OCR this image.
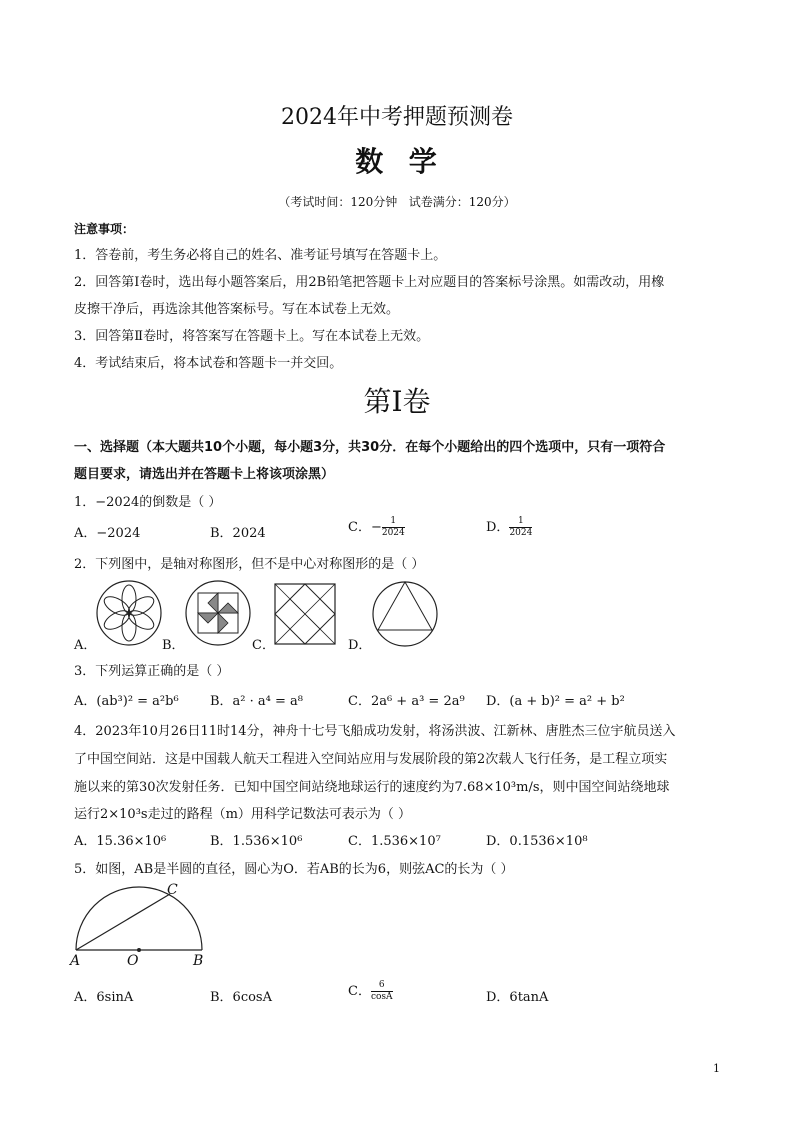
2024年中考押题预测卷
数  学
（考试时间：120分钟   试卷满分：120分）
注意事项：
1．答卷前，考生务必将自己的姓名、准考证号填写在答题卡上。
2．回答第Ⅰ卷时，选出每小题答案后，用2B铅笔把答题卡上对应题目的答案标号涂黑。如需改动，用橡
皮擦干净后，再选涂其他答案标号。写在本试卷上无效。
3．回答第Ⅱ卷时，将答案写在答题卡上。写在本试卷上无效。
4．考试结束后，将本试卷和答题卡一并交回。
第Ⅰ卷
一、选择题（本大题共10个小题，每小题3分，共30分．在每个小题给出的四个选项中，只有一项符合
题目要求，请选出并在答题卡上将该项涂黑）
1．−2024的倒数是（ ）
A．−2024	B．2024	C．− $\frac{1}{2024}$	D． $\frac{1}{2024}$
2．下列图中，是轴对称图形，但不是中心对称图形的是（ ）
A．	B．	C．	D．
3．下列运算正确的是（ ）
A．(ab³)² = a²b⁶ B．a² · a⁴ = a⁸	C．2a⁶ + a³ = 2a⁹ D．(a + b)² = a² + b²
4．2023年10月26日11时14分，神舟十七号飞船成功发射，将汤洪波、江新林、唐胜杰三位宇航员送入
了中国空间站．这是中国载人航天工程进入空间站应用与发展阶段的第2次载人飞行任务，是工程立项实
施以来的第30次发射任务．已知中国空间站绕地球运行的速度约为7.68×10³m/s，则中国空间站绕地球
运行2×10³s走过的路程（m）用科学记数法可表示为（ ）
A．15.36×10⁶	B．1.536×10⁶	C．1.536×10⁷	D．0.1536×10⁸
5．如图，AB是半圆的直径，圆心为O．若AB的长为6，则弦AC的长为（ ）
A	O	B
C
A．6sinA	B．6cosA	C． $\frac{6}{\cos A}$	D．6tanA
1
